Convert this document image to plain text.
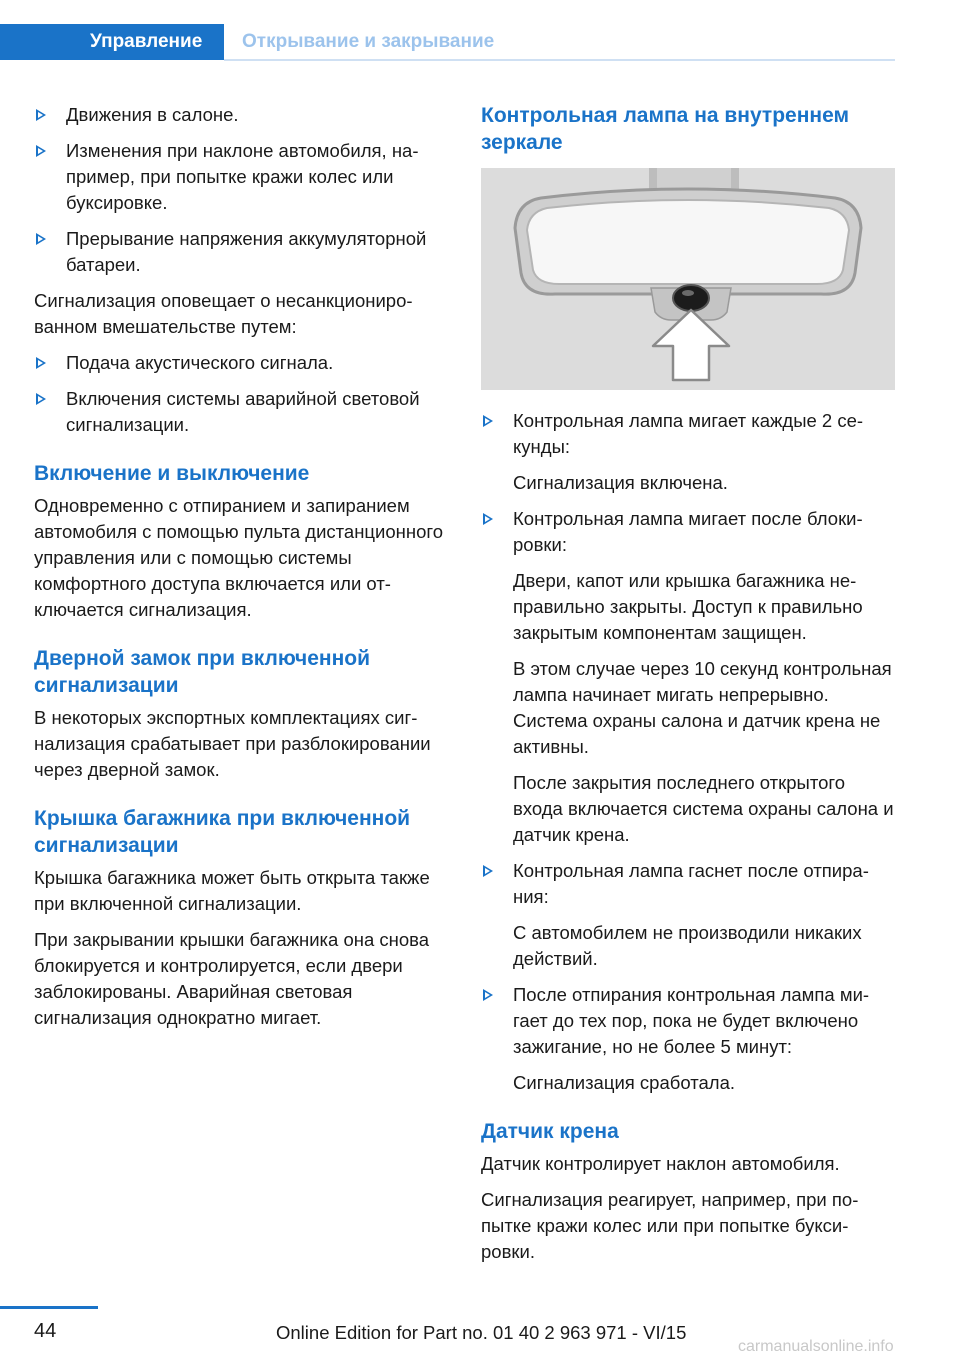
Управление	Открывание и закрывание
Движения в салоне.
Изменения при наклоне автомобиля, например, при попытке кражи колес или буксировке.
Прерывание напряжения аккумуляторной батареи.

Сигнализация оповещает о несанкционированном вмешательстве путем:

Подача акустического сигнала.
Включения системы аварийной световой сигнализации.
Включение и выключение

Одновременно с отпиранием и запиранием автомобиля с помощью пульта дистанционного управления или с помощью системы комфортного доступа включается или отключается сигнализация.

Дверной замок при включенной сигнализации

В некоторых экспортных комплектациях сигнализация срабатывает при разблокировании через дверной замок.

Крышка багажника при включенной сигнализации

Крышка багажника может быть открыта также при включенной сигнализации.

При закрывании крышки багажника она снова блокируется и контролируется, если двери заблокированы. Аварийная световая сигнализация однократно мигает.

Контрольная лампа на внутреннем зеркале
Контрольная лампа мигает каждые 2 секунды:
Сигнализация включена.
Контрольная лампа мигает после блокировки:
Двери, капот или крышка багажника неправильно закрыты. Доступ к правильно закрытым компонентам защищен.
В этом случае через 10 секунд контрольная лампа начинает мигать непрерывно. Система охраны салона и датчик крена не активны.
После закрытия последнего открытого входа включается система охраны салона и датчик крена.
Контрольная лампа гаснет после отпирания:
С автомобилем не производили никаких действий.
После отпирания контрольная лампа мигает до тех пор, пока не будет включено зажигание, но не более 5 минут:
Сигнализация сработала.
Датчик крена

Датчик контролирует наклон автомобиля.

Сигнализация реагирует, например, при попытке кражи колес или при попытке буксировки.

44	Online Edition for Part no. 01 40 2 963 971 - VI/15
carmanualsonline.info
